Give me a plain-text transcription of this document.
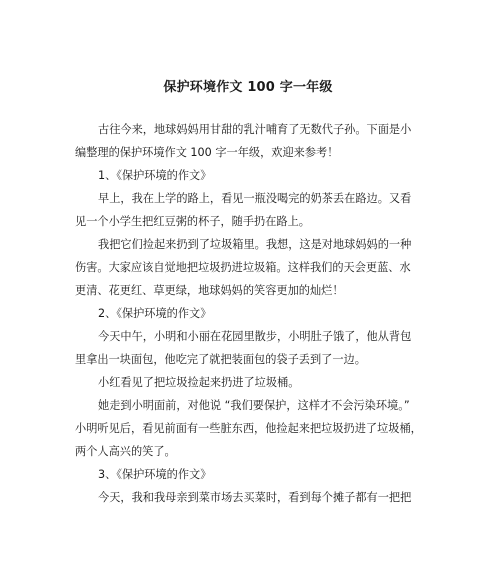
保护环境作文 100 字一年级

古往今来，地球妈妈用甘甜的乳汁哺育了无数代子孙。下面是小
编整理的保护环境作文 100 字一年级，欢迎来参考！

1、《保护环境的作文》

早上，我在上学的路上，看见一瓶没喝完的奶茶丢在路边。又看
见一个小学生把红豆粥的杯子，随手扔在路上。

我把它们捡起来扔到了垃圾箱里。我想，这是对地球妈妈的一种
伤害。大家应该自觉地把垃圾扔进垃圾箱。这样我们的天会更蓝、水
更清、花更红、草更绿，地球妈妈的笑容更加的灿烂！

2、《保护环境的作文》

今天中午，小明和小丽在花园里散步，小明肚子饿了，他从背包
里拿出一块面包，他吃完了就把装面包的袋子丢到了一边。

小红看见了把垃圾捡起来扔进了垃圾桶。

她走到小明面前，对他说 “我们要保护，这样才不会污染环境。”
小明听见后，看见前面有一些脏东西，他捡起来把垃圾扔进了垃圾桶，
两个人高兴的笑了。

3、《保护环境的作文》

今天，我和我母亲到菜市场去买菜时，看到每个摊子都有一把把
